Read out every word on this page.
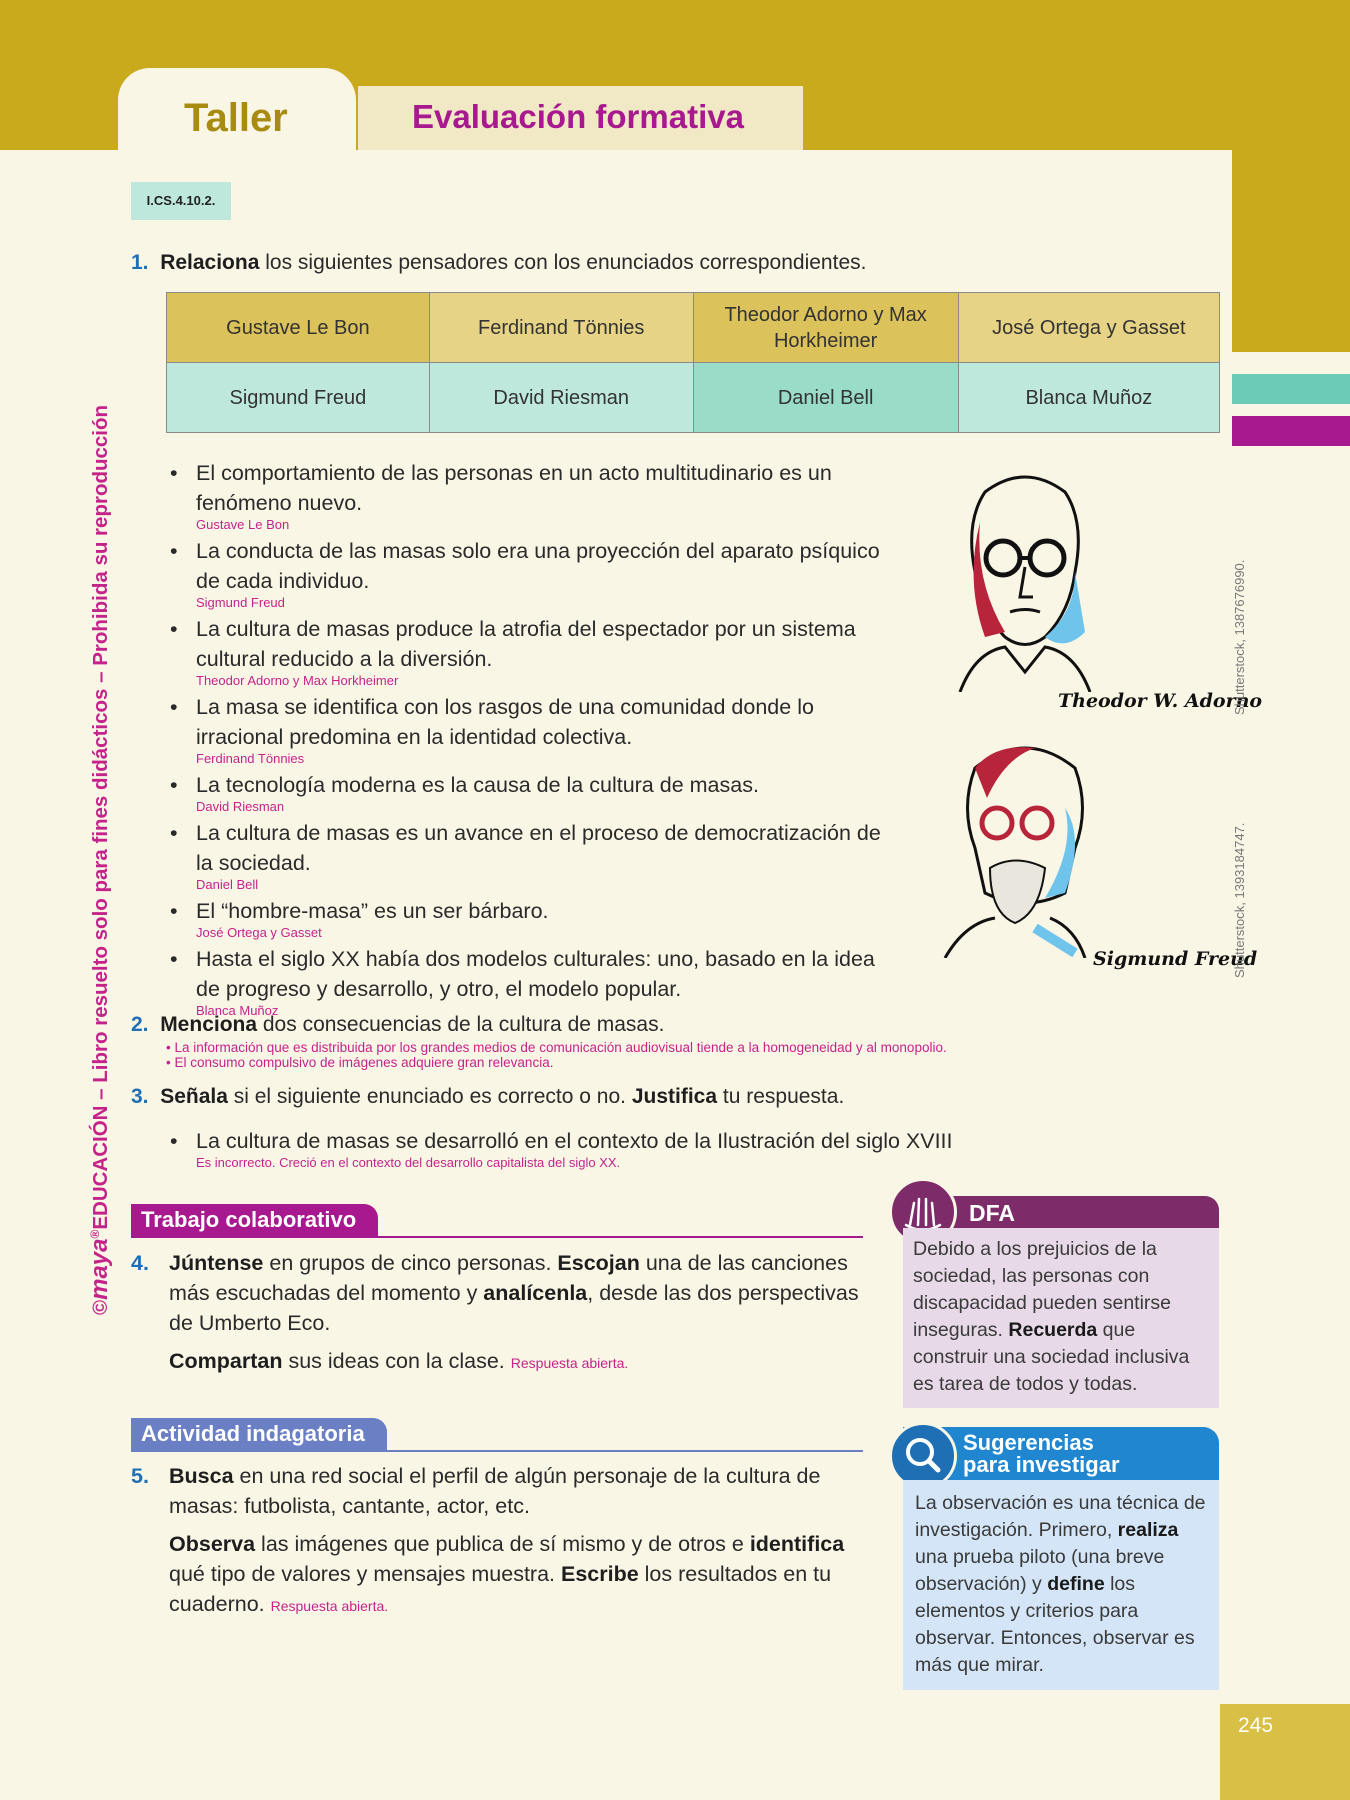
Taller	Evaluación formativa
I.CS.4.10.2.
1. Relaciona los siguientes pensadores con los enunciados correspondientes.
Gustave Le Bon	Ferdinand Tönnies	Theodor Adorno y Max Horkheimer	José Ortega y Gasset
Sigmund Freud	David Riesman	Daniel Bell	Blanca Muñoz
• El comportamiento de las personas en un acto multitudinario es un fenómeno nuevo.
Gustave Le Bon
• La conducta de las masas solo era una proyección del aparato psíquico de cada individuo.
Sigmund Freud
• La cultura de masas produce la atrofia del espectador por un sistema cultural reducido a la diversión.
Theodor Adorno y Max Horkheimer
• La masa se identifica con los rasgos de una comunidad donde lo irracional predomina en la identidad colectiva.
Ferdinand Tönnies
• La tecnología moderna es la causa de la cultura de masas.
David Riesman
• La cultura de masas es un avance en el proceso de democratización de la sociedad.
Daniel Bell
• El “hombre-masa” es un ser bárbaro.
José Ortega y Gasset
• Hasta el siglo XX había dos modelos culturales: uno, basado en la idea de progreso y desarrollo, y otro, el modelo popular.
Blanca Muñoz
Theodor W. Adorno
Shutterstock, 1387676990.
Sigmund Freud
Shutterstock, 1393184747.
2. Menciona dos consecuencias de la cultura de masas.
• La información que es distribuida por los grandes medios de comunicación audiovisual tiende a la homogeneidad y al monopolio.
• El consumo compulsivo de imágenes adquiere gran relevancia.
3. Señala si el siguiente enunciado es correcto o no. Justifica tu respuesta.
• La cultura de masas se desarrolló en el contexto de la Ilustración del siglo XVIII
Es incorrecto. Creció en el contexto del desarrollo capitalista del siglo XX.
Trabajo colaborativo
4. Júntense en grupos de cinco personas. Escojan una de las canciones más escuchadas del momento y analícenla, desde las dos perspectivas de Umberto Eco.
Compartan sus ideas con la clase. Respuesta abierta.
Actividad indagatoria
5. Busca en una red social el perfil de algún personaje de la cultura de masas: futbolista, cantante, actor, etc.
Observa las imágenes que publica de sí mismo y de otros e identifica qué tipo de valores y mensajes muestra. Escribe los resultados en tu cuaderno. Respuesta abierta.
DFA
Debido a los prejuicios de la sociedad, las personas con discapacidad pueden sentirse inseguras. Recuerda que construir una sociedad inclusiva es tarea de todos y todas.
Sugerencias
para investigar
La observación es una técnica de investigación. Primero, realiza una prueba piloto (una breve observación) y define los elementos y criterios para observar. Entonces, observar es más que mirar.
©maya®EDUCACIÓN – Libro resuelto solo para fines didácticos – Prohibida su reproducción
245
